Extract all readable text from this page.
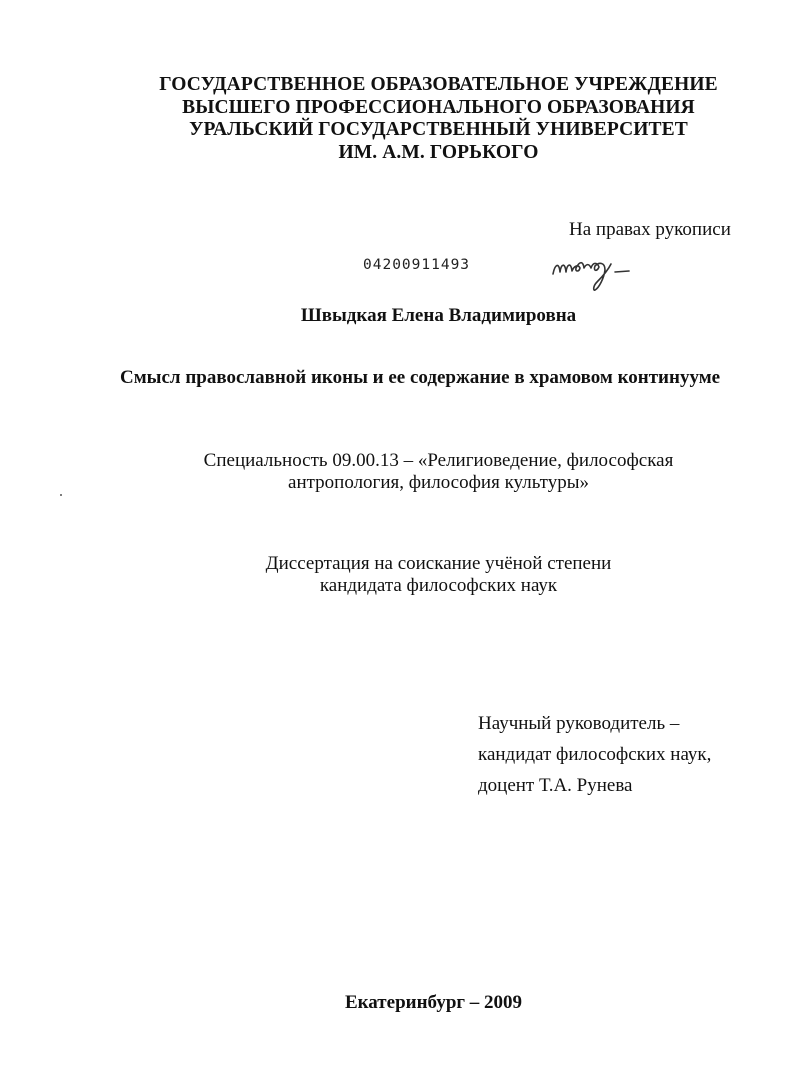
ГОСУДАРСТВЕННОЕ ОБРАЗОВАТЕЛЬНОЕ УЧРЕЖДЕНИЕ
ВЫСШЕГО ПРОФЕССИОНАЛЬНОГО ОБРАЗОВАНИЯ
УРАЛЬСКИЙ ГОСУДАРСТВЕННЫЙ УНИВЕРСИТЕТ
ИМ. А.М. ГОРЬКОГО
На правах рукописи
04200911493
Швыдкая Елена Владимировна
Смысл православной иконы и ее содержание в храмовом континууме
Специальность 09.00.13 – «Религиоведение, философская
антропология, философия культуры»
Диссертация на соискание учёной степени
кандидата философских наук
Научный руководитель –
кандидат философских наук,
доцент Т.А. Рунева
Екатеринбург – 2009
